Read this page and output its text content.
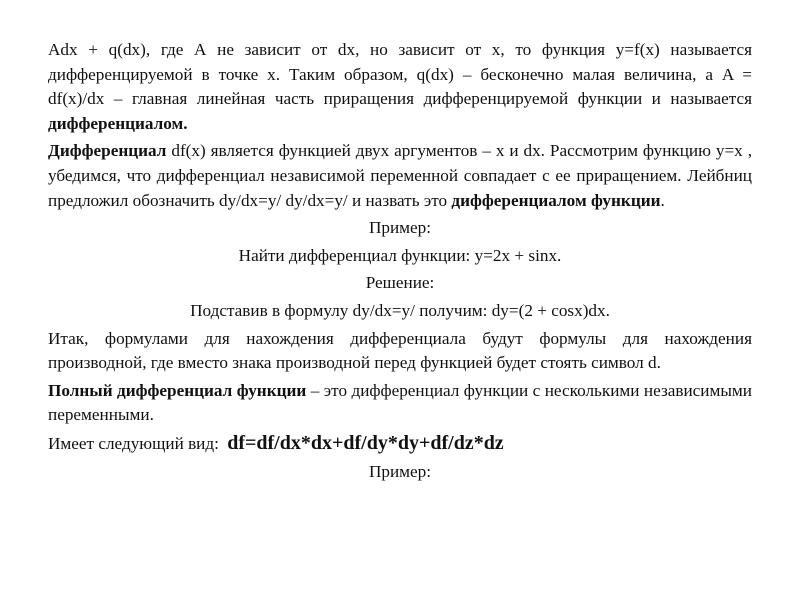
Adx + q(dx), где А не зависит от dx, но зависит от x, то функция y=f(x) называется дифференцируемой в точке x. Таким образом, q(dx) – бесконечно малая величина, а A = df(x)/dx – главная линейная часть приращения дифференцируемой функции и называется дифференциалом.

Дифференциал df(x) является функцией двух аргументов – x и dx. Рассмотрим функцию y=x , убедимся, что дифференциал независимой переменной совпадает с ее приращением. Лейбниц предложил обозначить dy/dx=y/ dy/dx=y/ и назвать это дифференциалом функции.

Пример:

Найти дифференциал функции: y=2x + sinx.

Решение:

Подставив в формулу dy/dx=y/ получим: dy=(2 + cosx)dx.

Итак, формулами для нахождения дифференциала будут формулы для нахождения производной, где вместо знака производной перед функцией будет стоять символ d.

Полный дифференциал функции – это дифференциал функции с несколькими независимыми переменными.

Имеет следующий вид: df=df/dx*dx+df/dy*dy+df/dz*dz

Пример:
